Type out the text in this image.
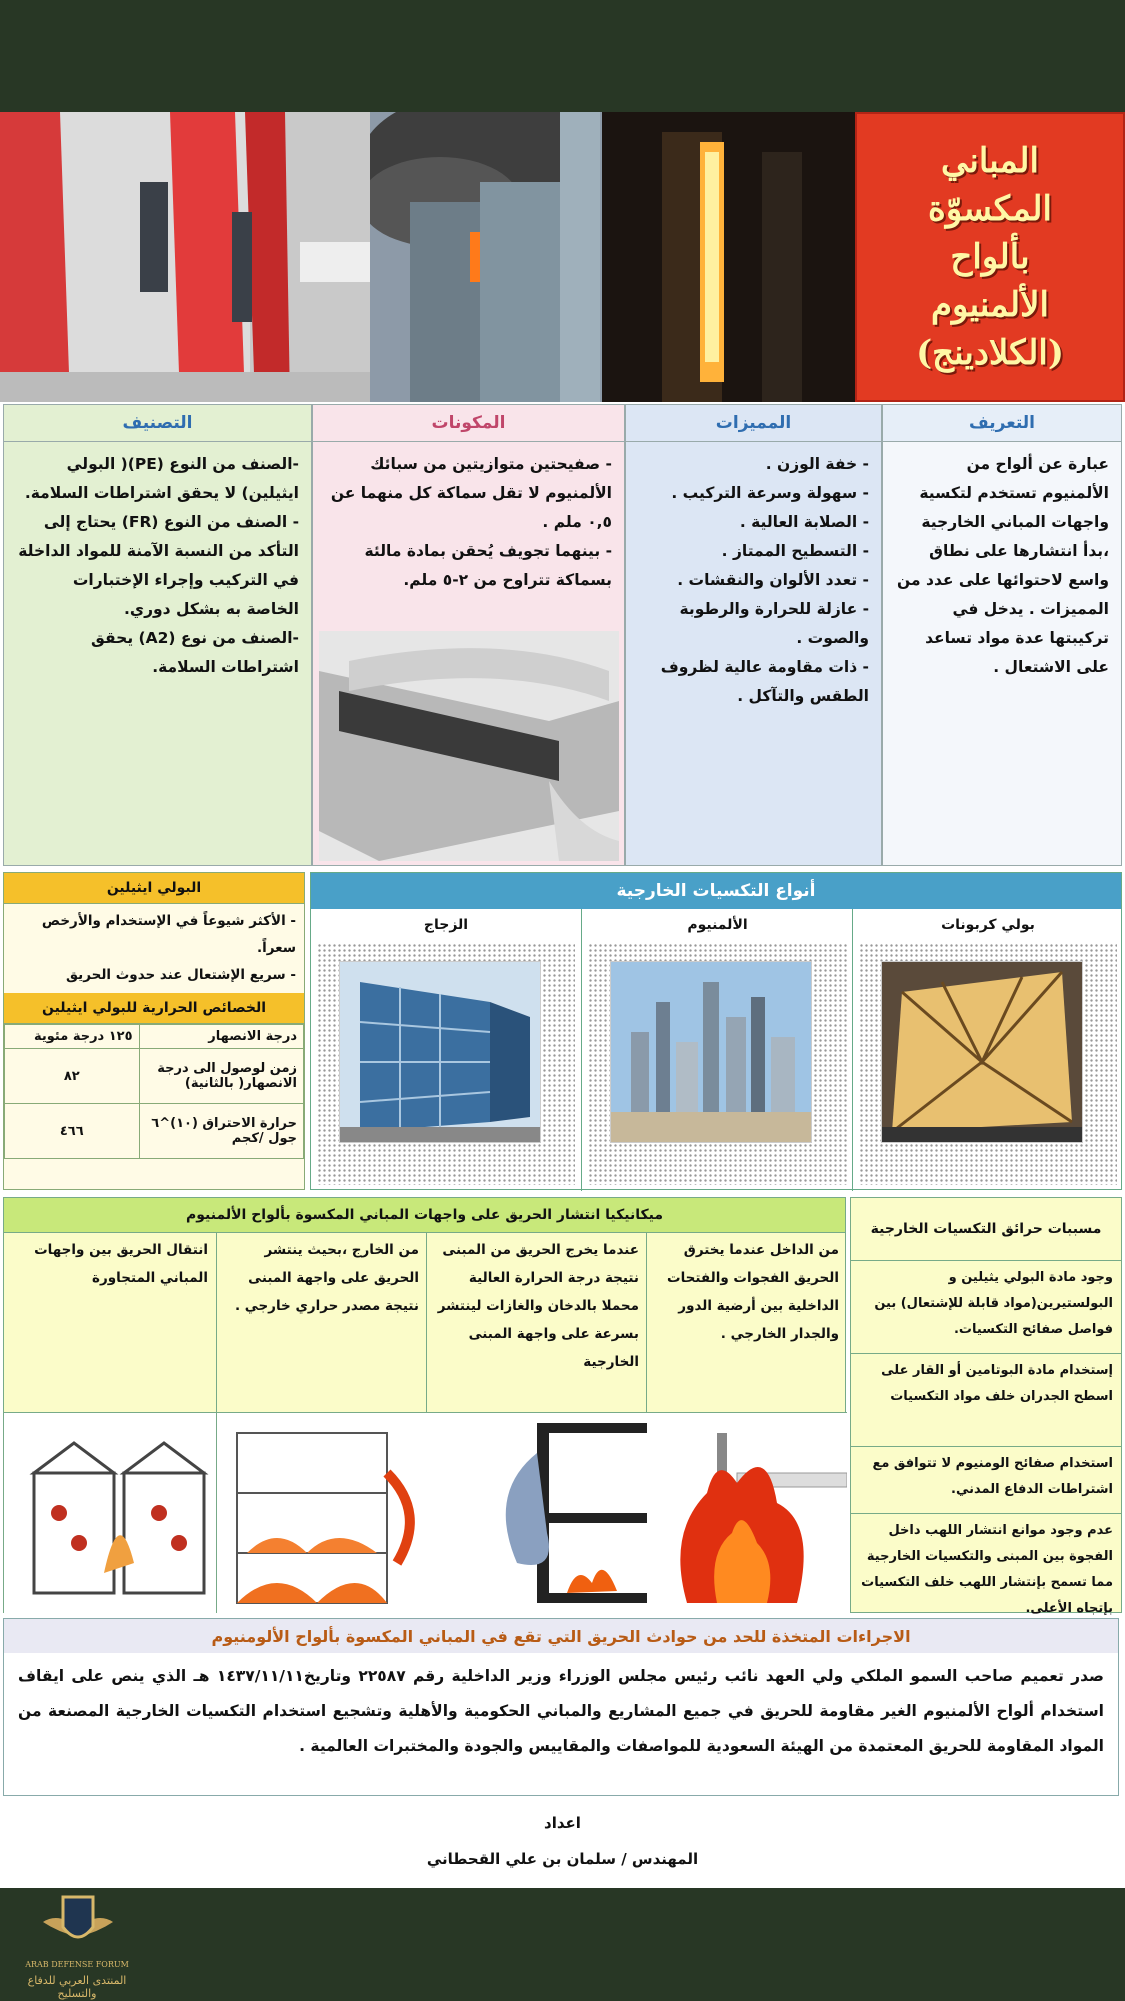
المباني
المكسوّة
بألواح
الألمنيوم
(الكلادينج)
التعريف

عبارة عن ألواح من الألمنيوم تستخدم لتكسية واجهات المباني الخارجية ،بدأ انتشارها على نطاق واسع لاحتوائها على عدد من المميزات . يدخل في تركيبتها عدة مواد تساعد على الاشتعال .

المميزات

- خفة الوزن .

- سهولة وسرعة التركيب .

- الصلابة العالية .

- التسطيح الممتاز .

- تعدد الألوان والنقشات .

- عازلة للحرارة والرطوبة والصوت .

- ذات مقاومة عالية لظروف الطقس والتآكل .

المكونات

- صفيحتين متوازيتين من سبائك الألمنيوم لا تقل سماكة كل منهما عن ٠,٥ ملم .

- بينهما تجويف يُحقن بمادة مالئة بسماكة تتراوح من ٢-٥ ملم.

التصنيف

-الصنف من النوع (PE)( البولي ايثيلين) لا يحقق اشتراطات السلامة.

- الصنف من النوع (FR) يحتاج إلى التأكد من النسبة الآمنة للمواد الداخلة في التركيب وإجراء الإختبارات الخاصة به بشكل دوري.

-الصنف من نوع (A2) يحقق اشتراطات السلامة.

البولي ايثيلين

- الأكثر شيوعاً في الإستخدام والأرخص سعراً.

- سريع الإشتعال عند حدوث الحريق

الخصائص الحرارية للبولي ايثيلين
درجة الانصهار	١٢٥ درجة مئوية
زمن لوصول الى درجة الانصهار( بالثانية)	٨٢
حرارة الاحتراق (١٠)^٦ جول /كجم	٤٦٦
أنواع التكسيات الخارجية
بولي كربونات
الألمنيوم
الزجاج
ميكانيكيا انتشار الحريق على واجهات المباني المكسوة بألواح الألمنيوم
من الداخل عندما يخترق الحريق الفجوات والفتحات الداخلية بين أرضية الدور والجدار الخارجي .
عندما يخرج الحريق من المبنى نتيجة درجة الحرارة العالية محملا بالدخان والغازات لينتشر بسرعة على واجهة المبنى الخارجية
من الخارج ،بحيث ينتشر الحريق على واجهة المبنى نتيجة مصدر حراري خارجي .
انتقال الحريق بين واجهات المباني المتجاورة
مسببات حرائق التكسيات الخارجية
وجود مادة البولي يثيلين و البولستيرين(مواد قابلة للإشتعال) بين فواصل صفائح التكسيات.
إستخدام مادة البوتامين أو القار على اسطح الجدران خلف مواد التكسيات
استخدام صفائح الومنيوم لا تتوافق مع اشتراطات الدفاع المدني.
عدم وجود موانع انتشار اللهب داخل الفجوة بين المبنى والتكسيات الخارجية مما تسمح بإنتشار اللهب خلف التكسيات بإتجاه الأعلى.
الاجراءات المتخذة للحد من حوادث الحريق التي تقع في المباني المكسوة بألواح الألومنيوم
صدر تعميم صاحب السمو الملكي ولي العهد نائب رئيس مجلس الوزراء وزير الداخلية رقم ٢٢٥٨٧ وتاريخ١٤٣٧/١١/١١ هـ الذي ينص على ايقاف استخدام ألواح الألمنيوم الغير مقاومة للحريق في جميع المشاريع والمباني الحكومية والأهلية وتشجيع استخدام التكسيات الخارجية المصنعة من المواد المقاومة للحريق المعتمدة من الهيئة السعودية للمواصفات والمقاييس والجودة والمختبرات العالمية .
اعداد
المهندس / سلمان بن علي القحطاني
ARAB DEFENSE FORUM
المنتدى العربي للدفاع والتسليح
